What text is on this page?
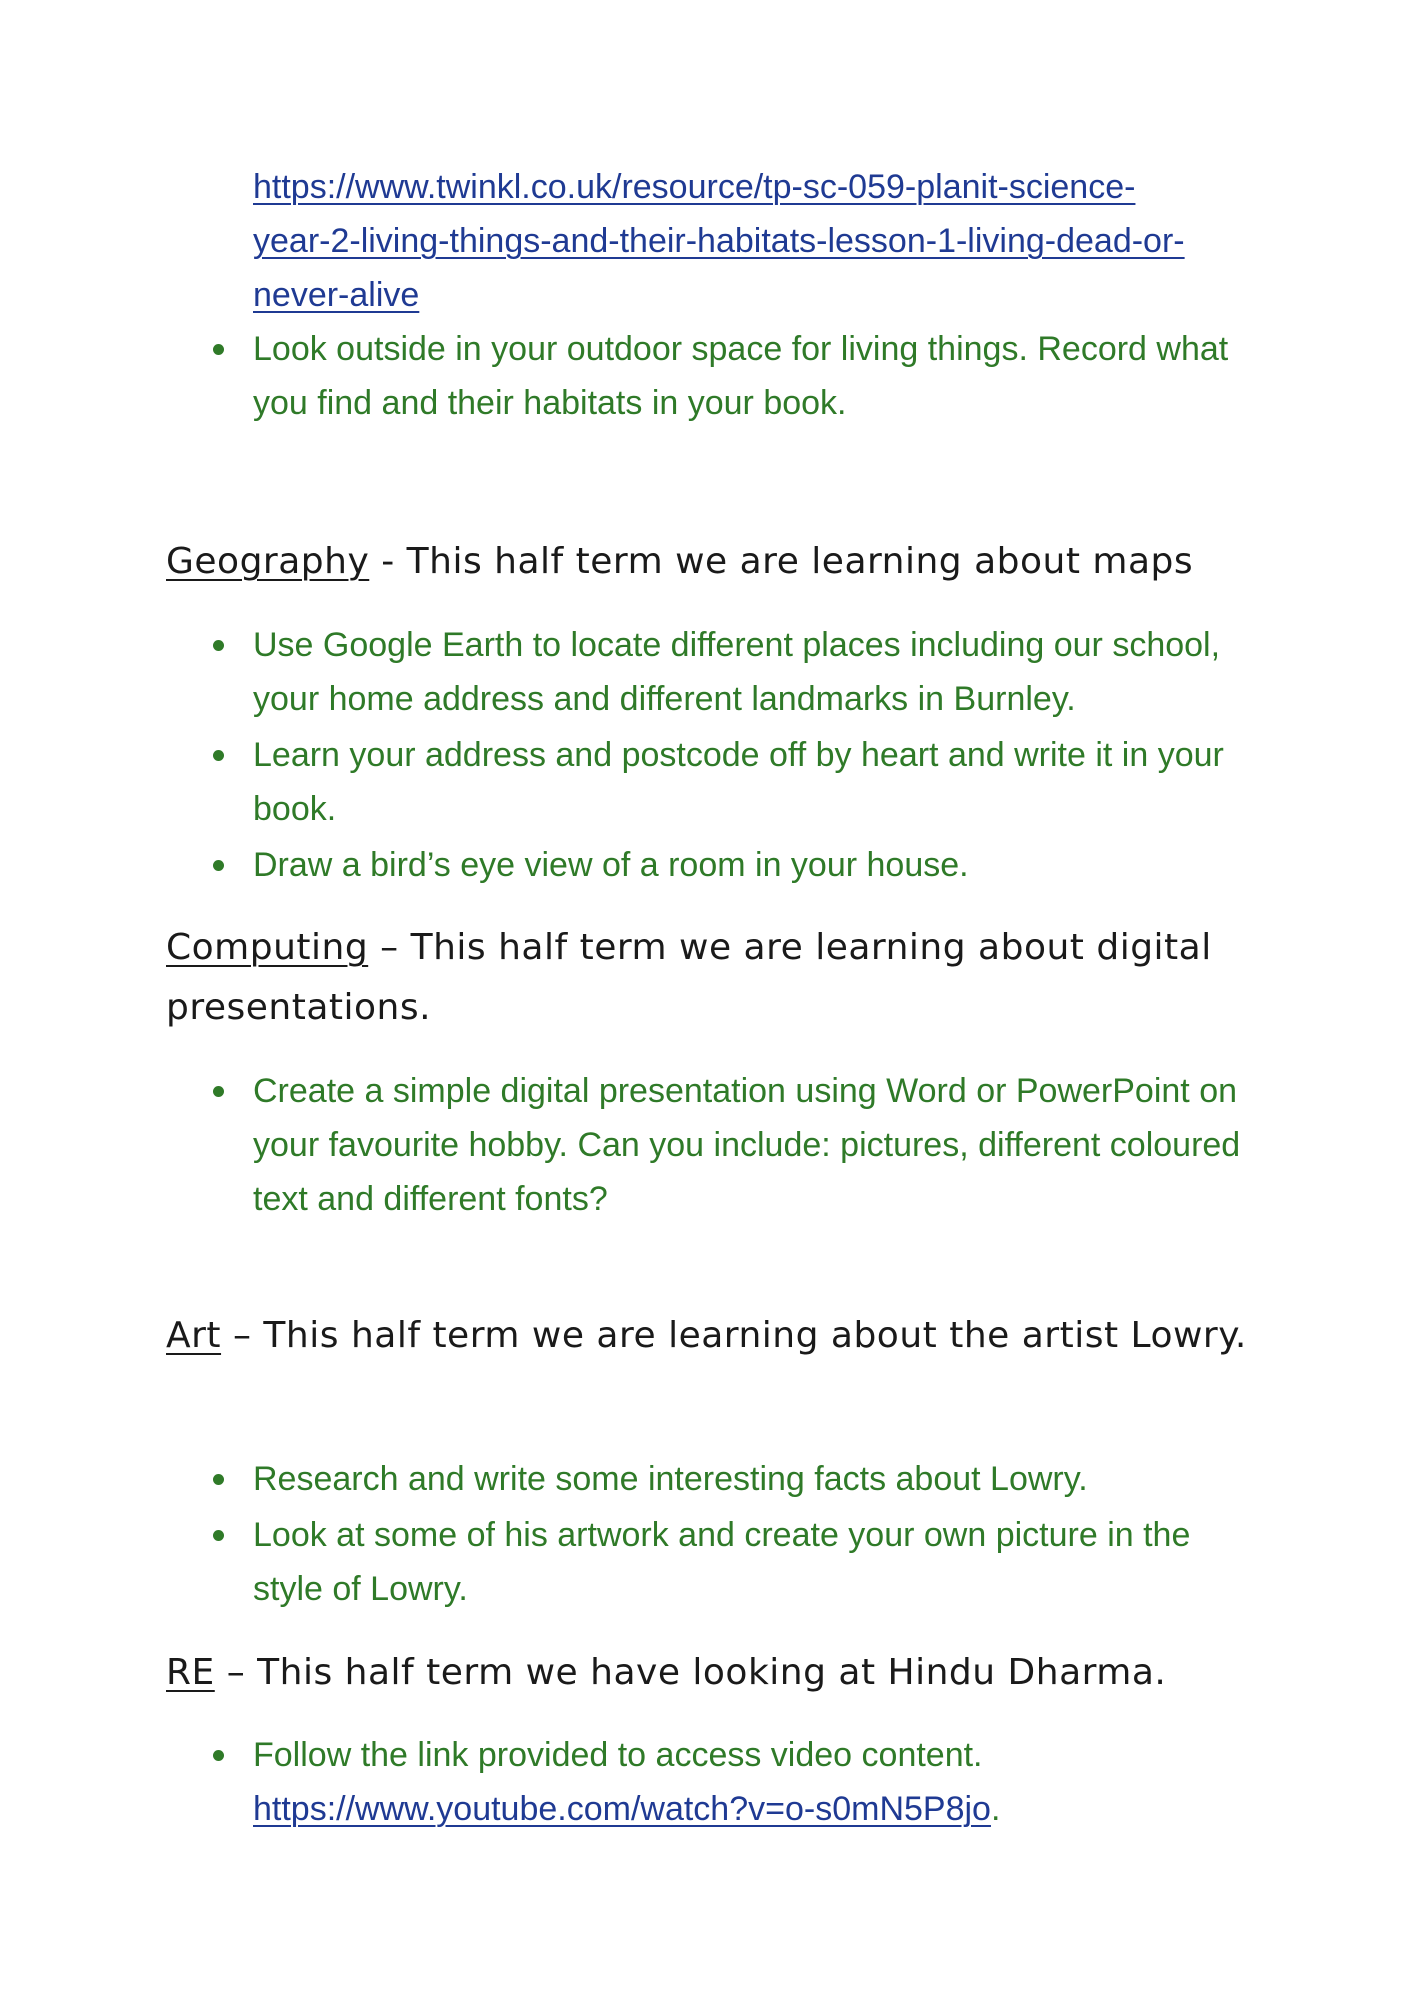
https://www.twinkl.co.uk/resource/tp-sc-059-planit-science-
year-2-living-things-and-their-habitats-lesson-1-living-dead-or-
never-alive
Look outside in your outdoor space for living things. Record what you find and their habitats in your book.
Geography - This half term we are learning about maps
Use Google Earth to locate different places including our school, your home address and different landmarks in Burnley.
Learn your address and postcode off by heart and write it in your book.
Draw a bird’s eye view of a room in your house.
Computing – This half term we are learning about digital presentations.
Create a simple digital presentation using Word or PowerPoint on your favourite hobby. Can you include: pictures, different coloured text and different fonts?
Art – This half term we are learning about the artist Lowry.
Research and write some interesting facts about Lowry.
Look at some of his artwork and create your own picture in the style of Lowry.
RE – This half term we have looking at Hindu Dharma.
Follow the link provided to access video content.
https://www.youtube.com/watch?v=o-s0mN5P8jo.
